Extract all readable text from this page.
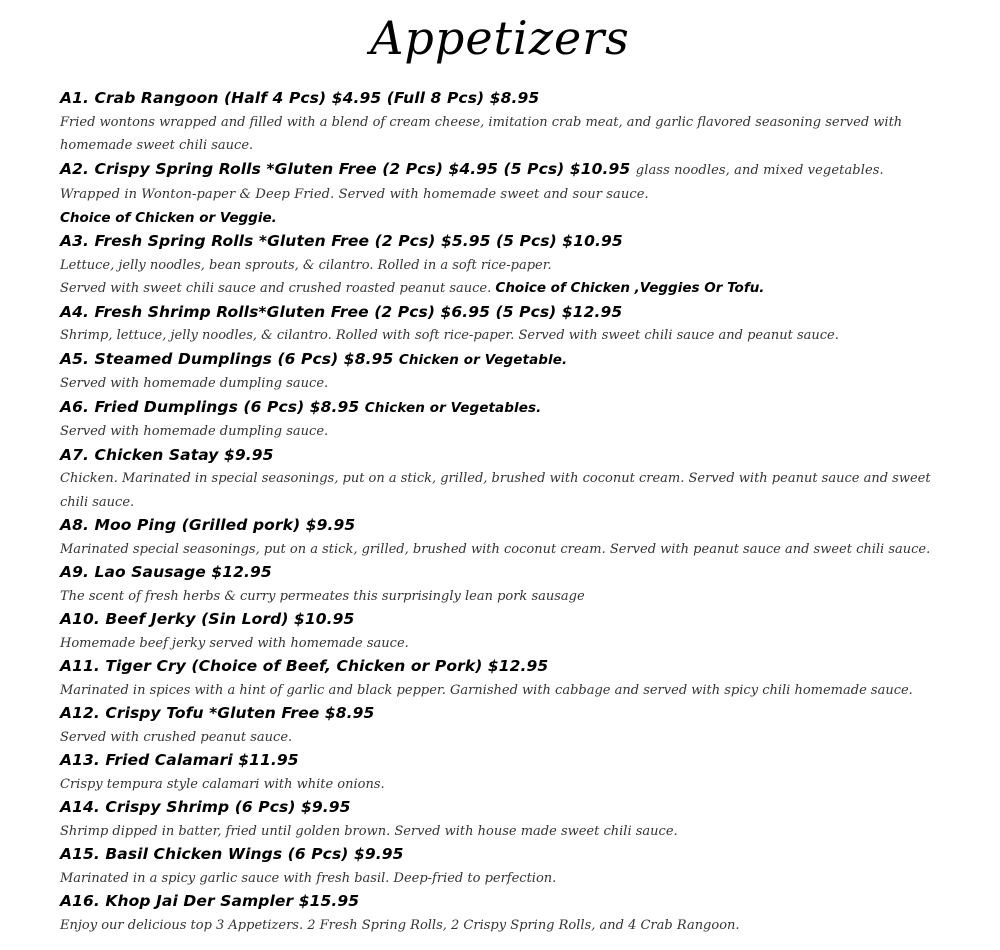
Appetizers
A1. Crab Rangoon (Half 4 Pcs) $4.95 (Full 8 Pcs) $8.95
Fried wontons wrapped and filled with a blend of cream cheese, imitation crab meat, and garlic flavored seasoning served with homemade sweet chili sauce.
A2. Crispy Spring Rolls *Gluten Free (2 Pcs) $4.95 (5 Pcs) $10.95 glass noodles, and mixed vegetables. Wrapped in Wonton-paper & Deep Fried. Served with homemade sweet and sour sauce.
Choice of Chicken or Veggie.
A3. Fresh Spring Rolls *Gluten Free (2 Pcs) $5.95 (5 Pcs) $10.95
Lettuce, jelly noodles, bean sprouts, & cilantro. Rolled in a soft rice-paper.
Served with sweet chili sauce and crushed roasted peanut sauce. Choice of Chicken ,Veggies Or Tofu.
A4. Fresh Shrimp Rolls*Gluten Free (2 Pcs) $6.95 (5 Pcs) $12.95
Shrimp, lettuce, jelly noodles, & cilantro. Rolled with soft rice-paper. Served with sweet chili sauce and peanut sauce.
A5. Steamed Dumplings (6 Pcs) $8.95 Chicken or Vegetable.
Served with homemade dumpling sauce.
A6. Fried Dumplings (6 Pcs) $8.95 Chicken or Vegetables.
Served with homemade dumpling sauce.
A7. Chicken Satay $9.95
Chicken. Marinated in special seasonings, put on a stick, grilled, brushed with coconut cream. Served with peanut sauce and sweet chili sauce.
A8. Moo Ping (Grilled pork) $9.95
Marinated special seasonings, put on a stick, grilled, brushed with coconut cream. Served with peanut sauce and sweet chili sauce.
A9. Lao Sausage $12.95
The scent of fresh herbs & curry permeates this surprisingly lean pork sausage
A10. Beef Jerky (Sin Lord) $10.95
Homemade beef jerky served with homemade sauce.
A11. Tiger Cry (Choice of Beef, Chicken or Pork) $12.95
Marinated in spices with a hint of garlic and black pepper. Garnished with cabbage and served with spicy chili homemade sauce.
A12. Crispy Tofu *Gluten Free $8.95
Served with crushed peanut sauce.
A13. Fried Calamari $11.95
Crispy tempura style calamari with white onions.
A14. Crispy Shrimp (6 Pcs) $9.95
Shrimp dipped in batter, fried until golden brown. Served with house made sweet chili sauce.
A15. Basil Chicken Wings (6 Pcs) $9.95
Marinated in a spicy garlic sauce with fresh basil. Deep-fried to perfection.
A16. Khop Jai Der Sampler $15.95
Enjoy our delicious top 3 Appetizers. 2 Fresh Spring Rolls, 2 Crispy Spring Rolls, and 4 Crab Rangoon.
